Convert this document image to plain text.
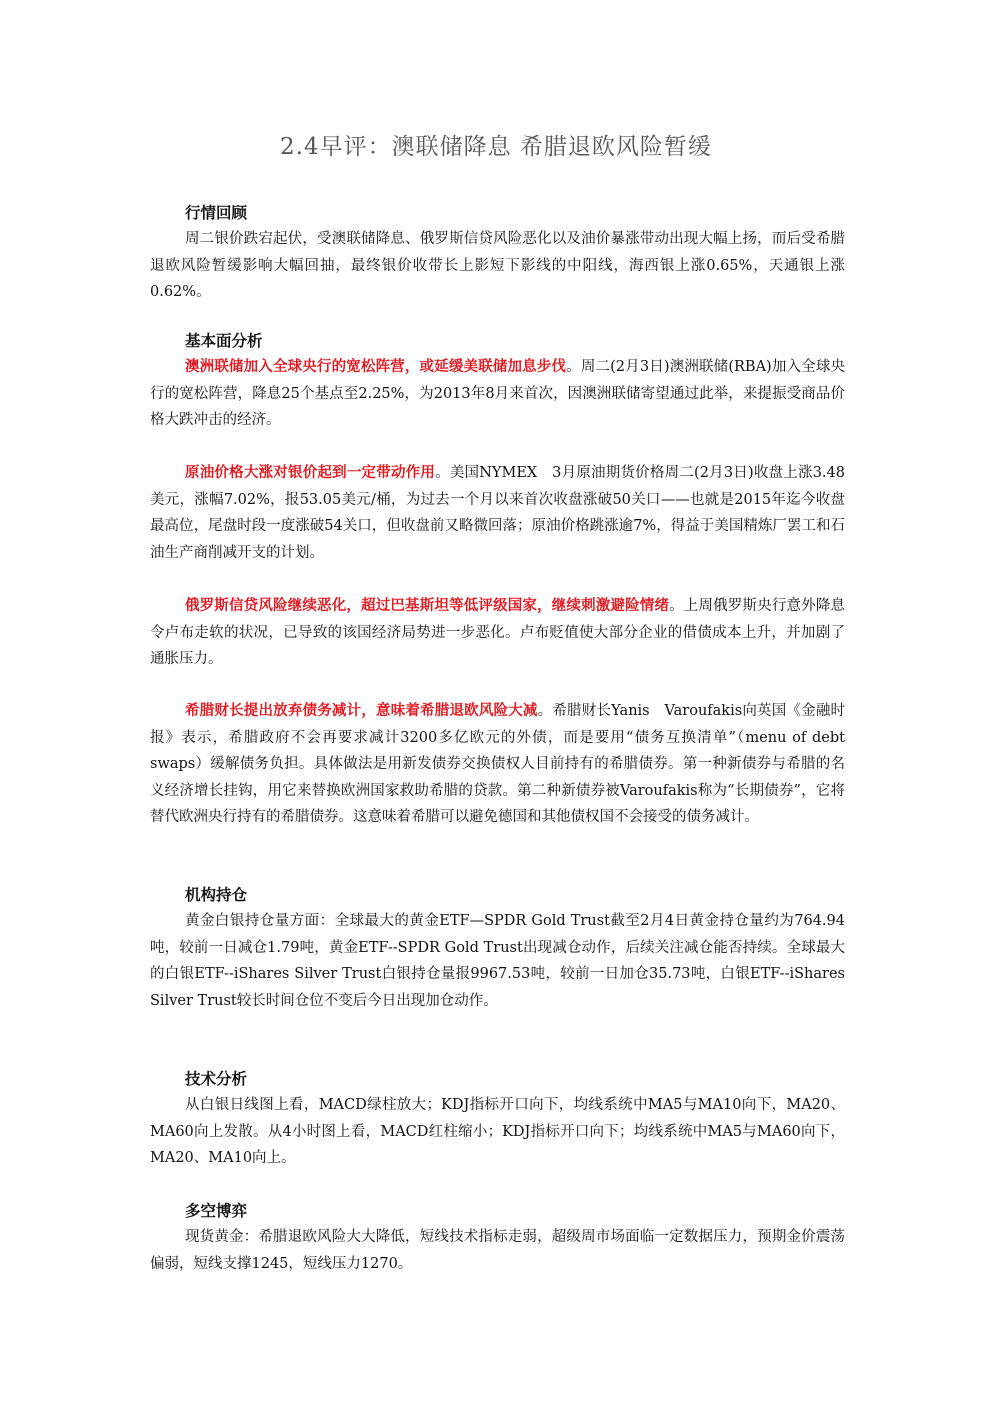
2.4早评：澳联储降息 希腊退欧风险暂缓
行情回顾

周二银价跌宕起伏，受澳联储降息、俄罗斯信贷风险恶化以及油价暴涨带动出现大幅上扬，而后受希腊退欧风险暂缓影响大幅回抽，最终银价收带长上影短下影线的中阳线，海西银上涨0.65%，天通银上涨0.62%。

基本面分析

澳洲联储加入全球央行的宽松阵营，或延缓美联储加息步伐。周二(2月3日)澳洲联储(RBA)加入全球央行的宽松阵营，降息25个基点至2.25%，为2013年8月来首次，因澳洲联储寄望通过此举，来提振受商品价格大跌冲击的经济。

原油价格大涨对银价起到一定带动作用。美国NYMEX　3月原油期货价格周二(2月3日)收盘上涨3.48美元，涨幅7.02%，报53.05美元/桶，为过去一个月以来首次收盘涨破50关口——也就是2015年迄今收盘最高位，尾盘时段一度涨破54关口，但收盘前又略微回落；原油价格跳涨逾7%，得益于美国精炼厂罢工和石油生产商削减开支的计划。

俄罗斯信贷风险继续恶化，超过巴基斯坦等低评级国家，继续刺激避险情绪。上周俄罗斯央行意外降息令卢布走软的状况，已导致的该国经济局势进一步恶化。卢布贬值使大部分企业的借债成本上升，并加剧了通胀压力。

希腊财长提出放弃债务减计，意味着希腊退欧风险大减。希腊财长Yanis　Varoufakis向英国《金融时报》表示，希腊政府不会再要求减计3200多亿欧元的外债，而是要用“债务互换清单”（menu of debt swaps）缓解债务负担。具体做法是用新发债券交换债权人目前持有的希腊债券。第一种新债券与希腊的名义经济增长挂钩，用它来替换欧洲国家救助希腊的贷款。第二种新债券被Varoufakis称为“长期债券”，它将替代欧洲央行持有的希腊债券。这意味着希腊可以避免德国和其他债权国不会接受的债务减计。

机构持仓

黄金白银持仓量方面：全球最大的黄金ETF—SPDR Gold Trust截至2月4日黄金持仓量约为764.94吨，较前一日减仓1.79吨，黄金ETF--SPDR Gold Trust出现减仓动作，后续关注减仓能否持续。全球最大的白银ETF--iShares Silver Trust白银持仓量报9967.53吨，较前一日加仓35.73吨，白银ETF--iShares Silver Trust较长时间仓位不变后今日出现加仓动作。

技术分析

从白银日线图上看，MACD绿柱放大；KDJ指标开口向下，均线系统中MA5与MA10向下，MA20、MA60向上发散。从4小时图上看，MACD红柱缩小；KDJ指标开口向下；均线系统中MA5与MA60向下，MA20、MA10向上。

多空博弈

现货黄金：希腊退欧风险大大降低，短线技术指标走弱，超级周市场面临一定数据压力，预期金价震荡偏弱，短线支撑1245，短线压力1270。
